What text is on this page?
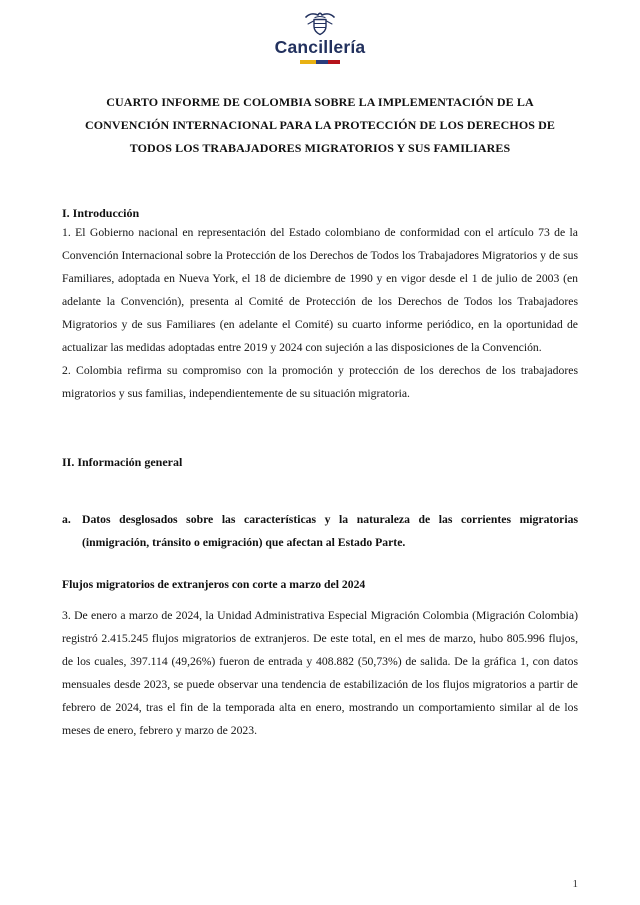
Cancillería
CUARTO INFORME DE COLOMBIA SOBRE LA IMPLEMENTACIÓN DE LA
CONVENCIÓN INTERNACIONAL PARA LA PROTECCIÓN DE LOS DERECHOS DE
TODOS LOS TRABAJADORES MIGRATORIOS Y SUS FAMILIARES
I. Introducción

1. El Gobierno nacional en representación del Estado colombiano de conformidad con el artículo 73 de la Convención Internacional sobre la Protección de los Derechos de Todos los Trabajadores Migratorios y de sus Familiares, adoptada en Nueva York, el 18 de diciembre de 1990 y en vigor desde el 1 de julio de 2003 (en adelante la Convención), presenta al Comité de Protección de los Derechos de Todos los Trabajadores Migratorios y de sus Familiares (en adelante el Comité) su cuarto informe periódico, en la oportunidad de actualizar las medidas adoptadas entre 2019 y 2024 con sujeción a las disposiciones de la Convención.

2. Colombia refirma su compromiso con la promoción y protección de los derechos de los trabajadores migratorios y sus familias, independientemente de su situación migratoria.

II. Información general
a. Datos desglosados sobre las características y la naturaleza de las corrientes migratorias (inmigración, tránsito o emigración) que afectan al Estado Parte.
Flujos migratorios de extranjeros con corte a marzo del 2024

3. De enero a marzo de 2024, la Unidad Administrativa Especial Migración Colombia (Migración Colombia) registró 2.415.245 flujos migratorios de extranjeros. De este total, en el mes de marzo, hubo 805.996 flujos, de los cuales, 397.114 (49,26%) fueron de entrada y 408.882 (50,73%) de salida. De la gráfica 1, con datos mensuales desde 2023, se puede observar una tendencia de estabilización de los flujos migratorios a partir de febrero de 2024, tras el fin de la temporada alta en enero, mostrando un comportamiento similar al de los meses de enero, febrero y marzo de 2023.

1
